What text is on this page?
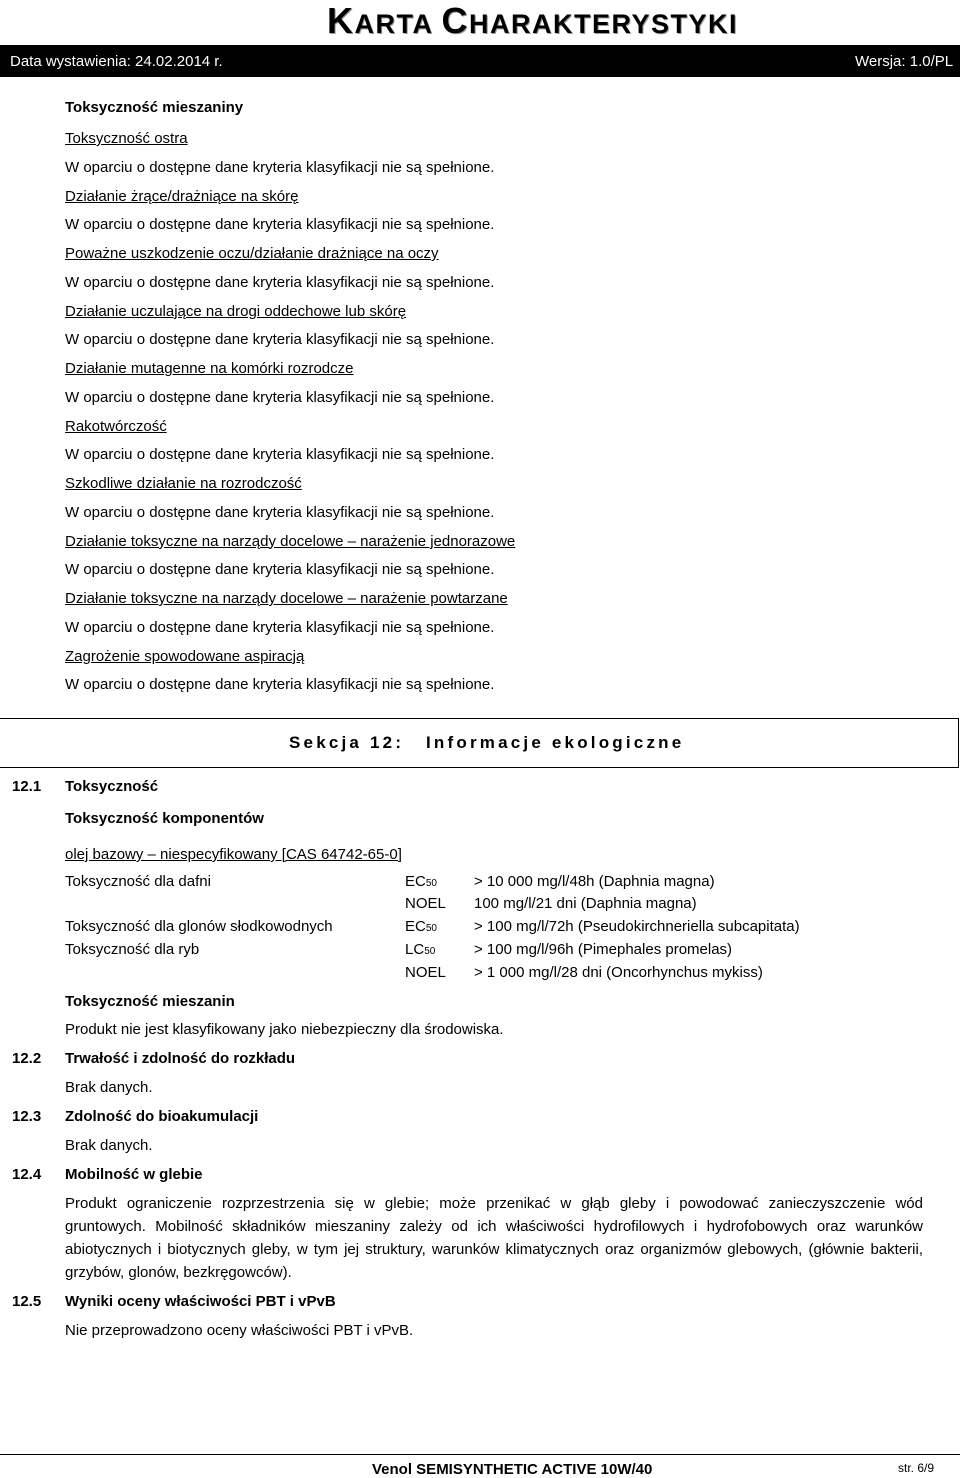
KARTA CHARAKTERYSTYKI
Data wystawienia: 24.02.2014 r.	Wersja: 1.0/PL
Toksyczność mieszaniny
Toksyczność ostra
W oparciu o dostępne dane kryteria klasyfikacji nie są spełnione.
Działanie żrące/drażniące na skórę
W oparciu o dostępne dane kryteria klasyfikacji nie są spełnione.
Poważne uszkodzenie oczu/działanie drażniące na oczy
W oparciu o dostępne dane kryteria klasyfikacji nie są spełnione.
Działanie uczulające na drogi oddechowe lub skórę
W oparciu o dostępne dane kryteria klasyfikacji nie są spełnione.
Działanie mutagenne na komórki rozrodcze
W oparciu o dostępne dane kryteria klasyfikacji nie są spełnione.
Rakotwórczość
W oparciu o dostępne dane kryteria klasyfikacji nie są spełnione.
Szkodliwe działanie na rozrodczość
W oparciu o dostępne dane kryteria klasyfikacji nie są spełnione.
Działanie toksyczne na narządy docelowe – narażenie jednorazowe
W oparciu o dostępne dane kryteria klasyfikacji nie są spełnione.
Działanie toksyczne na narządy docelowe – narażenie powtarzane
W oparciu o dostępne dane kryteria klasyfikacji nie są spełnione.
Zagrożenie spowodowane aspiracją
W oparciu o dostępne dane kryteria klasyfikacji nie są spełnione.
Sekcja 12: Informacje ekologiczne
12.1 Toksyczność
Toksyczność komponentów
olej bazowy – niespecyfikowany [CAS 64742-65-0]
Toksyczność dla dafni	EC50 > 10 000 mg/l/48h (Daphnia magna)
NOEL 100 mg/l/21 dni (Daphnia magna)
Toksyczność dla glonów słodkowodnych	EC50 > 100 mg/l/72h (Pseudokirchneriella subcapitata)
Toksyczność dla ryb	LC50	> 100 mg/l/96h (Pimephales promelas)
NOEL > 1 000 mg/l/28 dni (Oncorhynchus mykiss)
Toksyczność mieszanin
Produkt nie jest klasyfikowany jako niebezpieczny dla środowiska.
12.2 Trwałość i zdolność do rozkładu
Brak danych.
12.3 Zdolność do bioakumulacji
Brak danych.
12.4 Mobilność w glebie
Produkt ograniczenie rozprzestrzenia się w glebie; może przenikać w głąb gleby i powodować zanieczyszczenie wód gruntowych. Mobilność składników mieszaniny zależy od ich właściwości hydrofilowych i hydrofobowych oraz warunków abiotycznych i biotycznych gleby, w tym jej struktury, warunków klimatycznych oraz organizmów glebowych, (głównie bakterii, grzybów, glonów, bezkręgowców).
12.5 Wyniki oceny właściwości PBT i vPvB
Nie przeprowadzono oceny właściwości PBT i vPvB.
Venol SEMISYNTHETIC ACTIVE 10W/40	str. 6/9
